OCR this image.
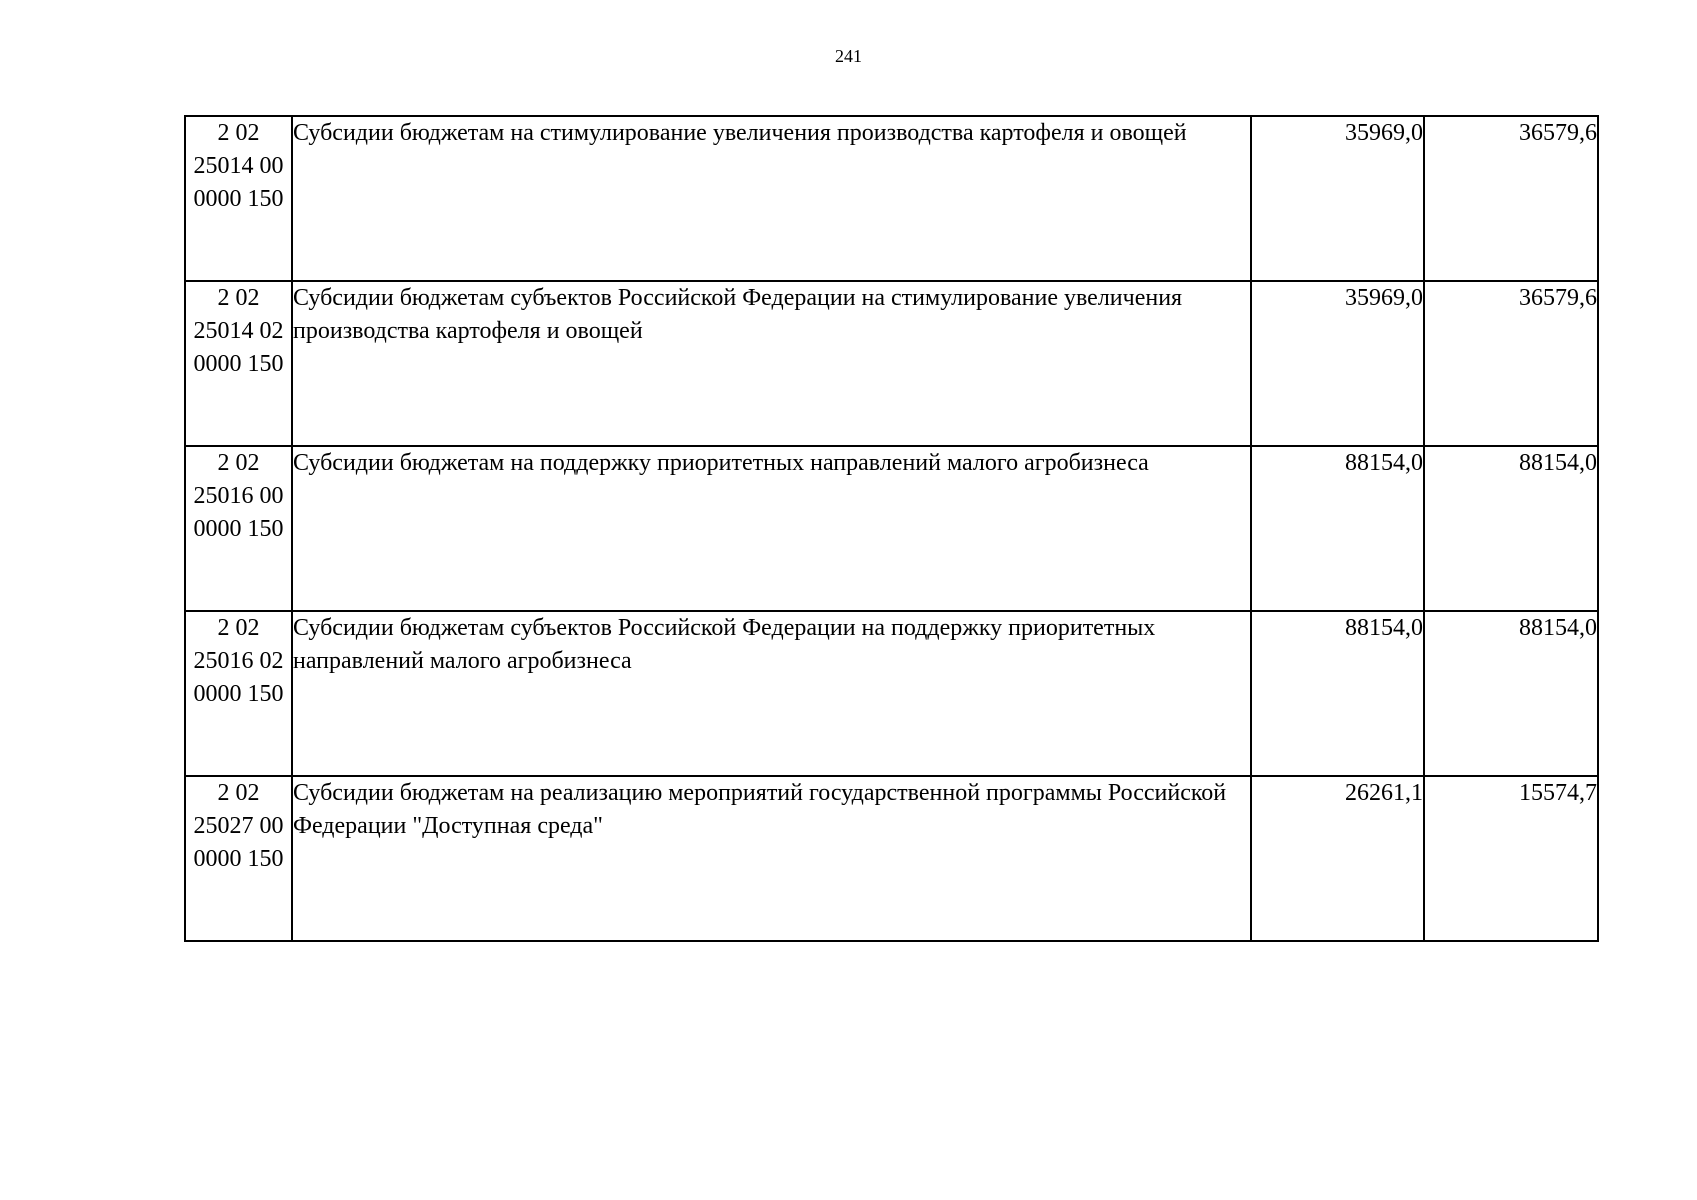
241
2 02
25014 00
0000 150	Субсидии бюджетам на стимулирование увеличения производства картофеля и овощей	35969,0	36579,6

2 02
25014 02
0000 150	Субсидии бюджетам субъектов Российской Федерации на стимулирование увеличения производства картофеля и овощей	35969,0	36579,6

2 02
25016 00
0000 150	Субсидии бюджетам на поддержку приоритетных направлений малого агробизнеса	88154,0	88154,0

2 02
25016 02
0000 150	Субсидии бюджетам субъектов Российской Федерации на поддержку приоритетных направлений малого агробизнеса	88154,0	88154,0

2 02
25027 00
0000 150	Субсидии бюджетам на реализацию мероприятий государственной программы Российской Федерации "Доступная среда"	26261,1	15574,7
